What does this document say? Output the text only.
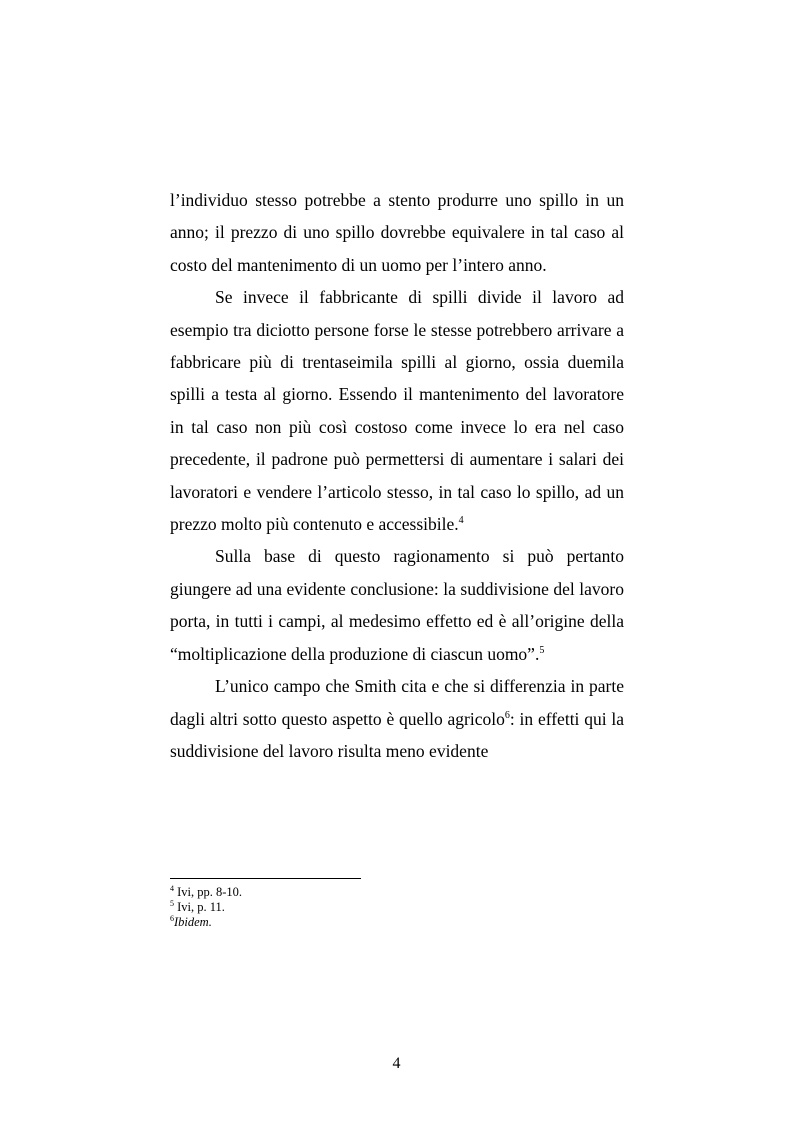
l’individuo stesso potrebbe a stento produrre uno spillo in un anno; il prezzo di uno spillo dovrebbe equivalere in tal caso al costo del mantenimento di un uomo per l’intero anno.

Se invece il fabbricante di spilli divide il lavoro ad esempio tra diciotto persone forse le stesse potrebbero arrivare a fabbricare più di trentaseimila spilli al giorno, ossia duemila spilli a testa al giorno. Essendo il mantenimento del lavoratore in tal caso non più così costoso come invece lo era nel caso precedente, il padrone può permettersi di aumentare i salari dei lavoratori e vendere l’articolo stesso, in tal caso lo spillo, ad un prezzo molto più contenuto e accessibile.$^4$

Sulla base di questo ragionamento si può pertanto giungere ad una evidente conclusione: la suddivisione del lavoro porta, in tutti i campi, al medesimo effetto ed è all’origine della “moltiplicazione della produzione di ciascun uomo”.$^5$

L’unico campo che Smith cita e che si differenzia in parte dagli altri sotto questo aspetto è quello agricolo$^6$: in effetti qui la suddivisione del lavoro risulta meno evidente

$^4$ Ivi, pp. 8-10.

$^5$ Ivi, p. 11.

$^6$Ibidem.

4
